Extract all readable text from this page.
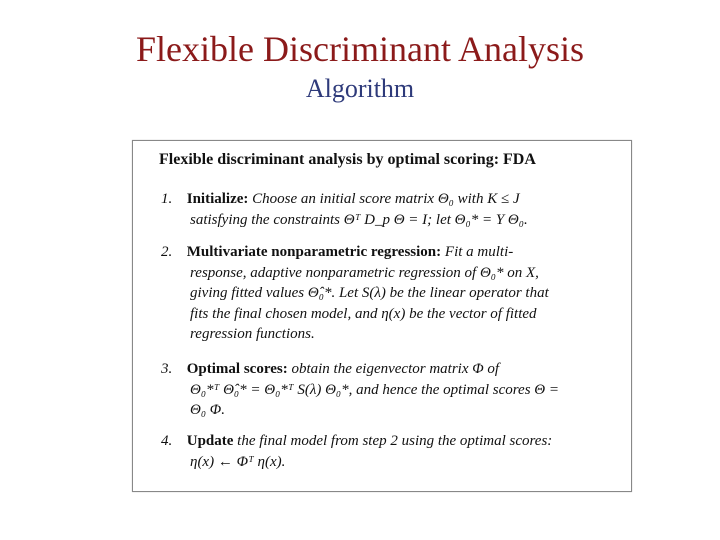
Flexible Discriminant Analysis
Algorithm
Flexible discriminant analysis by optimal scoring: FDA
1. Initialize: Choose an initial score matrix Θ₀ with K ≤ J
satisfying the constraints Θᵀ D_p Θ = I; let Θ₀* = Y Θ₀.
2. Multivariate nonparametric regression: Fit a multi-
response, adaptive nonparametric regression of Θ₀* on X,
giving fitted values Θ̂₀*. Let S(λ) be the linear operator that
fits the final chosen model, and η(x) be the vector of fitted
regression functions.
3. Optimal scores: obtain the eigenvector matrix Φ of
Θ₀*ᵀ Θ̂₀* = Θ₀*ᵀ S(λ) Θ₀*, and hence the optimal scores Θ =
Θ₀ Φ.
4. Update the final model from step 2 using the optimal scores:
η(x) ← Φᵀ η(x).
